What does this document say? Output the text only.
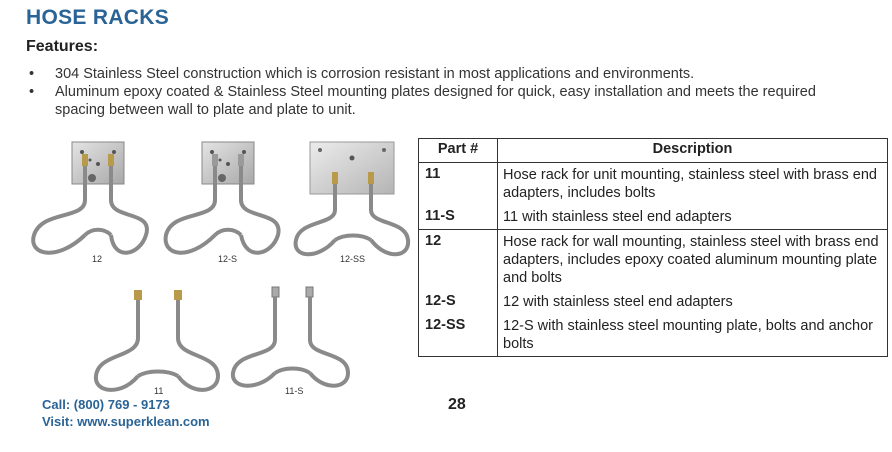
HOSE RACKS
Features:
• 304 Stainless Steel construction which is corrosion resistant in most applications and environments.
• Aluminum epoxy coated & Stainless Steel mounting plates designed for quick, easy installation and meets the required spacing between wall to plate and plate to unit.
12	12-S	12-SS
11	11-S
Part #	Description
11	Hose rack for unit mounting, stainless steel with brass end adapters, includes bolts
11-S	11 with stainless steel end adapters
12	Hose rack for wall mounting, stainless steel with brass end adapters, includes epoxy coated aluminum mounting plate and bolts
12-S	12 with stainless steel end adapters
12-SS	12-S with stainless steel mounting plate, bolts and anchor bolts
Call: (800) 769 - 9173
Visit: www.superklean.com
28
